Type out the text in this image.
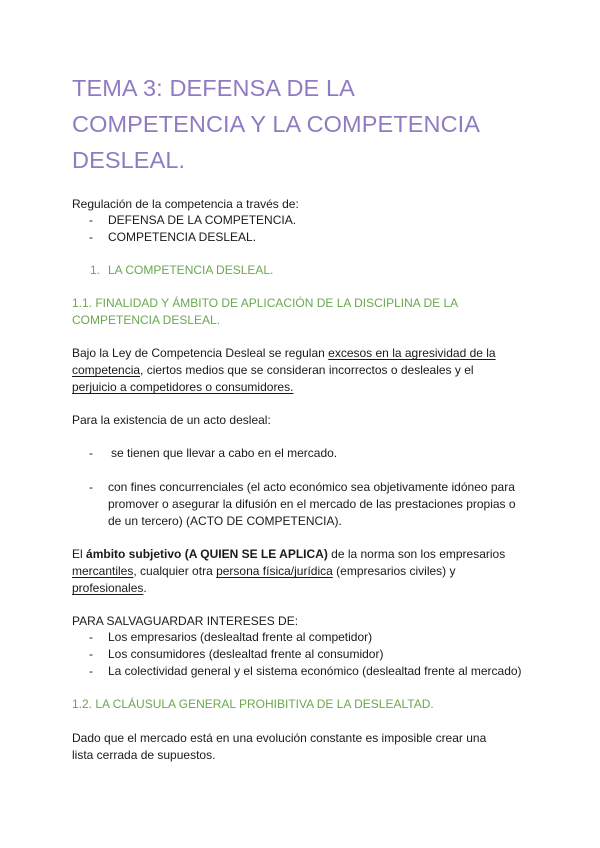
TEMA 3: DEFENSA DE LA
COMPETENCIA Y LA COMPETENCIA
DESLEAL.

Regulación de la competencia a través de:

- DEFENSA DE LA COMPETENCIA.
- COMPETENCIA DESLEAL.
1. LA COMPETENCIA DESLEAL.

1.1. FINALIDAD Y ÁMBITO DE APLICACIÓN DE LA DISCIPLINA DE LA

COMPETENCIA DESLEAL.

Bajo la Ley de Competencia Desleal se regulan excesos en la agresividad de la

competencia, ciertos medios que se consideran incorrectos o desleales y el

perjuicio a competidores o consumidores.

Para la existencia de un acto desleal:

- se tienen que llevar a cabo en el mercado.
- con fines concurrenciales (el acto económico sea objetivamente idóneo para
promover o asegurar la difusión en el mercado de las prestaciones propias o
de un tercero) (ACTO DE COMPETENCIA).

El ámbito subjetivo (A QUIEN SE LE APLICA) de la norma son los empresarios

mercantiles, cualquier otra persona física/jurídica (empresarios civiles) y

profesionales.

PARA SALVAGUARDAR INTERESES DE:

- Los empresarios (deslealtad frente al competidor)
- Los consumidores (deslealtad frente al consumidor)
- La colectividad general y el sistema económico (deslealtad frente al mercado)

1.2. LA CLÁUSULA GENERAL PROHIBITIVA DE LA DESLEALTAD.

Dado que el mercado está en una evolución constante es imposible crear una

lista cerrada de supuestos.
